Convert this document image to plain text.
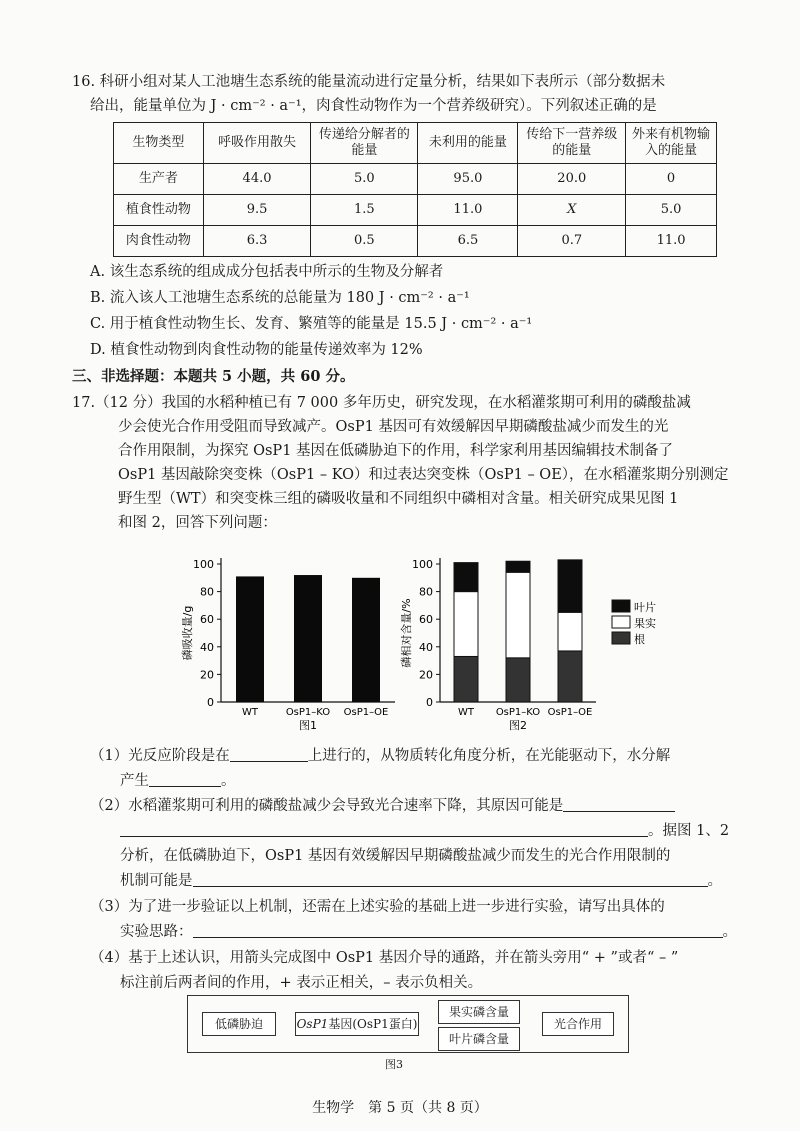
16. 科研小组对某人工池塘生态系统的能量流动进行定量分析，结果如下表所示（部分数据未
给出，能量单位为 J · cm⁻² · a⁻¹，肉食性动物作为一个营养级研究）。下列叙述正确的是
生物类型	呼吸作用散失	传递给分解者的能量	未利用的能量	传给下一营养级的能量	外来有机物输入的能量
生产者	44.0	5.0	95.0	20.0	0
植食性动物	9.5	1.5	11.0	X	5.0
肉食性动物	6.3	0.5	6.5	0.7	11.0
A. 该生态系统的组成成分包括表中所示的生物及分解者
B. 流入该人工池塘生态系统的总能量为 180 J · cm⁻² · a⁻¹
C. 用于植食性动物生长、发育、繁殖等的能量是 15.5 J · cm⁻² · a⁻¹
D. 植食性动物到肉食性动物的能量传递效率为 12%
三、非选择题：本题共 5 小题，共 60 分。
17.（12 分）我国的水稻种植已有 7 000 多年历史，研究发现，在水稻灌浆期可利用的磷酸盐减
少会使光合作用受阻而导致减产。OsP1 基因可有效缓解因早期磷酸盐减少而发生的光
合作用限制，为探究 OsP1 基因在低磷胁迫下的作用，科学家利用基因编辑技术制备了
OsP1 基因敲除突变株（OsP1 – KO）和过表达突变株（OsP1 – OE），在水稻灌浆期分别测定
野生型（WT）和突变株三组的磷吸收量和不同组织中磷相对含量。相关研究成果见图 1
和图 2，回答下列问题：
0
20
40
60
80
100
磷吸收量/g
WT	OsP1–KO OsP1–OE
图1
0
20
40
60
80
100
磷相对含量/%
WT OsP1–KO OsP1–OE
图2
叶片
果实
根
（1）光反应阶段是在	上进行的，从物质转化角度分析，在光能驱动下，水分解
产生	。
（2）水稻灌浆期可利用的磷酸盐减少会导致光合速率下降，其原因可能是
。据图 1、2
分析，在低磷胁迫下，OsP1 基因有效缓解因早期磷酸盐减少而发生的光合作用限制的
机制可能是	。
（3）为了进一步验证以上机制，还需在上述实验的基础上进一步进行实验，请写出具体的
实验思路：	。
（4）基于上述认识，用箭头完成图中 OsP1 基因介导的通路，并在箭头旁用“ + ”或者“ – ”
标注前后两者间的作用，+ 表示正相关，– 表示负相关。
低磷胁迫	OsP1基因(OsP1蛋白)
果实磷含量
叶片磷含量
光合作用
图3
生物学　第 5 页（共 8 页）
